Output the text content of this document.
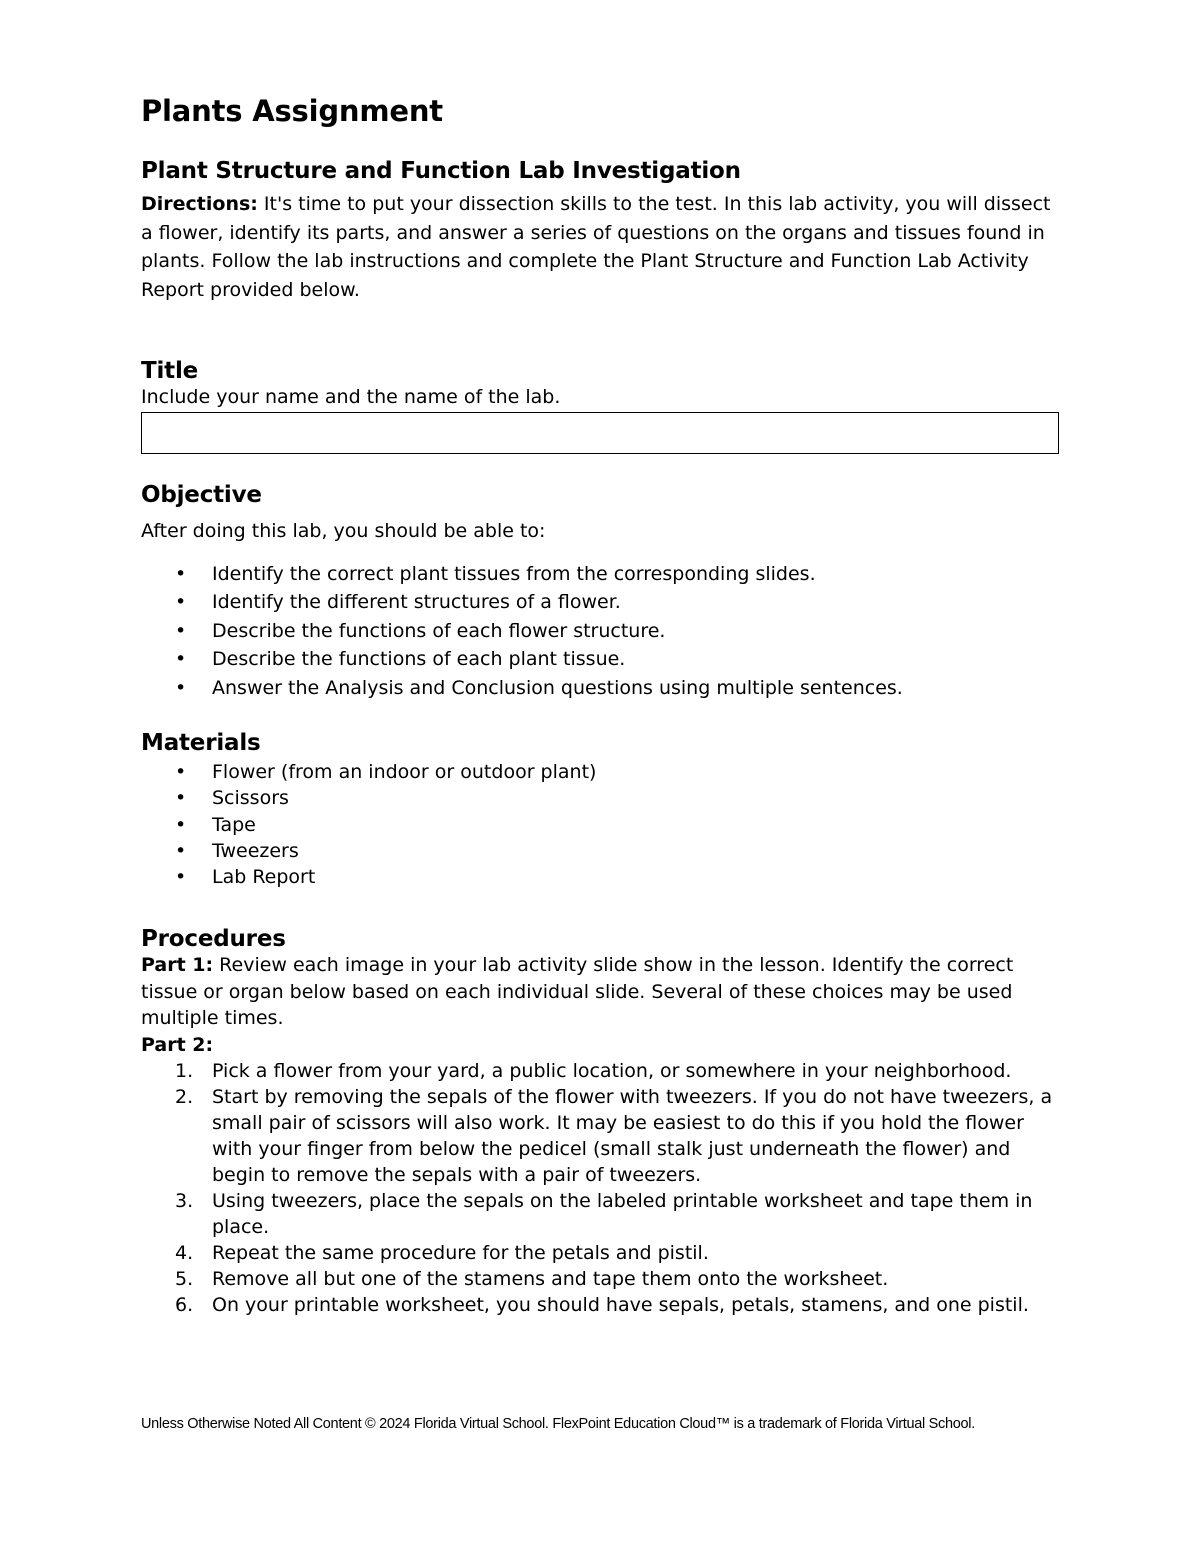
Plants Assignment
Plant Structure and Function Lab Investigation

Directions: It's time to put your dissection skills to the test. In this lab activity, you will dissect a flower, identify its parts, and answer a series of questions on the organs and tissues found in plants. Follow the lab instructions and complete the Plant Structure and Function Lab Activity Report provided below.

Title

Include your name and the name of the lab.

Objective

After doing this lab, you should be able to:

• Identify the correct plant tissues from the corresponding slides.
• Identify the different structures of a flower.
• Describe the functions of each flower structure.
• Describe the functions of each plant tissue.
• Answer the Analysis and Conclusion questions using multiple sentences.
Materials
• Flower (from an indoor or outdoor plant)
• Scissors
• Tape
• Tweezers
• Lab Report
Procedures

Part 1: Review each image in your lab activity slide show in the lesson. Identify the correct tissue or organ below based on each individual slide. Several of these choices may be used multiple times.

Part 2:

1. Pick a flower from your yard, a public location, or somewhere in your neighborhood.
2. Start by removing the sepals of the flower with tweezers. If you do not have tweezers, a small pair of scissors will also work. It may be easiest to do this if you hold the flower with your finger from below the pedicel (small stalk just underneath the flower) and begin to remove the sepals with a pair of tweezers.
3. Using tweezers, place the sepals on the labeled printable worksheet and tape them in place.
4. Repeat the same procedure for the petals and pistil.
5. Remove all but one of the stamens and tape them onto the worksheet.
6. On your printable worksheet, you should have sepals, petals, stamens, and one pistil.
Unless Otherwise Noted All Content © 2024 Florida Virtual School. FlexPoint Education Cloud™ is a trademark of Florida Virtual School.
